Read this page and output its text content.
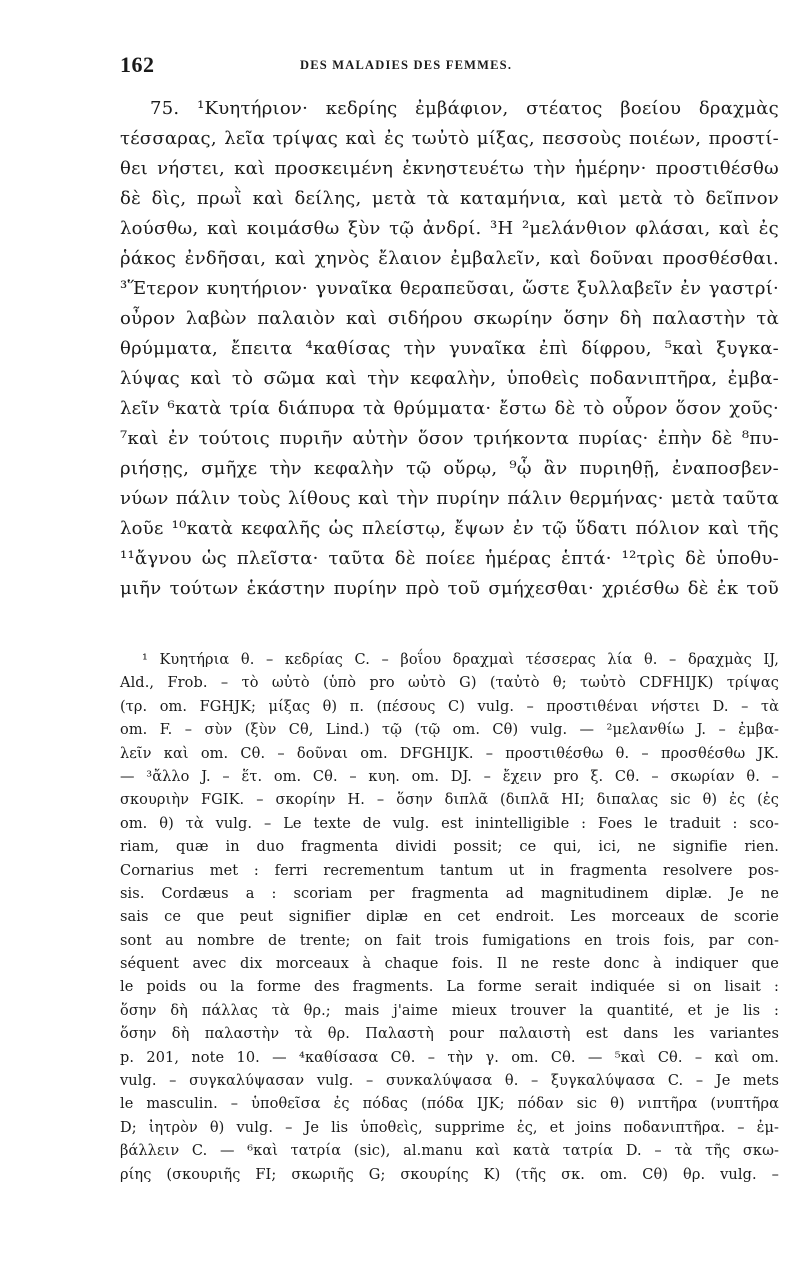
162	DES MALADIES DES FEMMES.
75. ¹Κυητήριον· κεδρίης ἐμβάφιον, στέατος βοείου δραχμὰς
τέσσαρας, λεῖα τρίψας καὶ ἐς τωὐτὸ μίξας, πεσσοὺς ποιέων, προστί-
θει νήστει, καὶ προσκειμένη ἐκνηστευέτω τὴν ἡμέρην· προστιθέσθω
δὲ δὶς, πρωῒ καὶ δείλης, μετὰ τὰ καταμήνια, καὶ μετὰ τὸ δεῖπνον
λούσθω, καὶ κοιμάσθω ξὺν τῷ ἀνδρί. ³Η ²μελάνθιον φλάσαι, καὶ ἐς
ῥάκος ἐνδῆσαι, καὶ χηνὸς ἔλαιον ἐμβαλεῖν, καὶ δοῦναι προσθέσθαι.
³Ἕτερον κυητήριον· γυναῖκα θεραπεῦσαι, ὥστε ξυλλαβεῖν ἐν γαστρί·
οὖρον λαβὼν παλαιὸν καὶ σιδήρου σκωρίην ὅσην δὴ παλαστὴν τὰ
θρύμματα, ἔπειτα ⁴καθίσας τὴν γυναῖκα ἐπὶ δίφρου, ⁵καὶ ξυγκα-
λύψας καὶ τὸ σῶμα καὶ τὴν κεφαλὴν, ὑποθεὶς ποδανιπτῆρα, ἐμβα-
λεῖν ⁶κατὰ τρία διάπυρα τὰ θρύμματα· ἔστω δὲ τὸ οὖρον ὅσον χοῦς·
⁷καὶ ἐν τούτοις πυριῆν αὐτὴν ὅσον τριήκοντα πυρίας· ἐπὴν δὲ ⁸πυ-
ριήσῃς, σμῆχε τὴν κεφαλὴν τῷ οὔρῳ, ⁹ᾧ ἂν πυριηθῇ, ἐναποσβεν-
νύων πάλιν τοὺς λίθους καὶ τὴν πυρίην πάλιν θερμήνας· μετὰ ταῦτα
λοῦε ¹⁰κατὰ κεφαλῆς ὡς πλείστῳ, ἔψων ἐν τῷ ὕδατι πόλιον καὶ τῆς
¹¹ἄγνου ὡς πλεῖστα· ταῦτα δὲ ποίεε ἡμέρας ἑπτά· ¹²τρὶς δὲ ὑποθυ-
μιῆν τούτων ἑκάστην πυρίην πρὸ τοῦ σμήχεσθαι· χριέσθω δὲ ἐκ τοῦ
¹ Κυητήρια θ. – κεδρίας C. – βοΐου δραχμαὶ τέσσερας λία θ. – δραχμὰς IJ,
Ald., Frob. – τὸ ωὐτὸ (ὑπὸ pro ωὐτὸ G) (ταὐτὸ θ; τωὐτὸ CDFHIJK) τρίψας
(τρ. om. FGHJK; μίξας θ) π. (πέσους C) vulg. – προστιθέναι νήστει D. – τὰ
om. F. – σὺν (ξὺν Cθ, Lind.) τῷ (τῷ om. Cθ) vulg. — ²μελανθίω J. – ἐμβα-
λεῖν καὶ om. Cθ. – δοῦναι om. DFGHIJK. – προστιθέσθω θ. – προσθέσθω JK.
— ³ἄλλο J. – ἕτ. om. Cθ. – κυη. om. DJ. – ἔχειν pro ξ. Cθ. – σκωρίαν θ. –
σκουριὴν FGIK. – σκορίην H. – ὅσην διπλᾶ (διπλᾶ HI; διπαλας sic θ) ἐς (ἐς
om. θ) τὰ vulg. – Le texte de vulg. est inintelligible : Foes le traduit : sco-
riam, quæ in duo fragmenta dividi possit; ce qui, ici, ne signifie rien.
Cornarius met : ferri recrementum tantum ut in fragmenta resolvere pos-
sis. Cordæus a : scoriam per fragmenta ad magnitudinem diplæ. Je ne
sais ce que peut signifier diplæ en cet endroit. Les morceaux de scorie
sont au nombre de trente; on fait trois fumigations en trois fois, par con-
séquent avec dix morceaux à chaque fois. Il ne reste donc à indiquer que
le poids ou la forme des fragments. La forme serait indiquée si on lisait :
ὅσην δὴ πάλλας τὰ θρ.; mais j'aime mieux trouver la quantité, et je lis :
ὅσην δὴ παλαστὴν τὰ θρ. Παλαστὴ pour παλαιστὴ est dans les variantes
p. 201, note 10. — ⁴καθίσασα Cθ. – τὴν γ. om. Cθ. — ⁵καὶ Cθ. – καὶ om.
vulg. – συγκαλύψασαν vulg. – συνκαλύψασα θ. – ξυγκαλύψασα C. – Je mets
le masculin. – ὑποθεῖσα ἐς πόδας (πόδα IJK; πόδαν sic θ) νιπτῆρα (νυπτῆρα
D; ἰητρὸν θ) vulg. – Je lis ὑποθεὶς, supprime ἐς, et joins ποδανιπτῆρα. – ἐμ-
βάλλειν C. — ⁶καὶ τατρία (sic), al.manu καὶ κατὰ τατρία D. – τὰ τῆς σκω-
ρίης (σκουριῆς FI; σκωριῆς G; σκουρίης K) (τῆς σκ. om. Cθ) θρ. vulg. –
